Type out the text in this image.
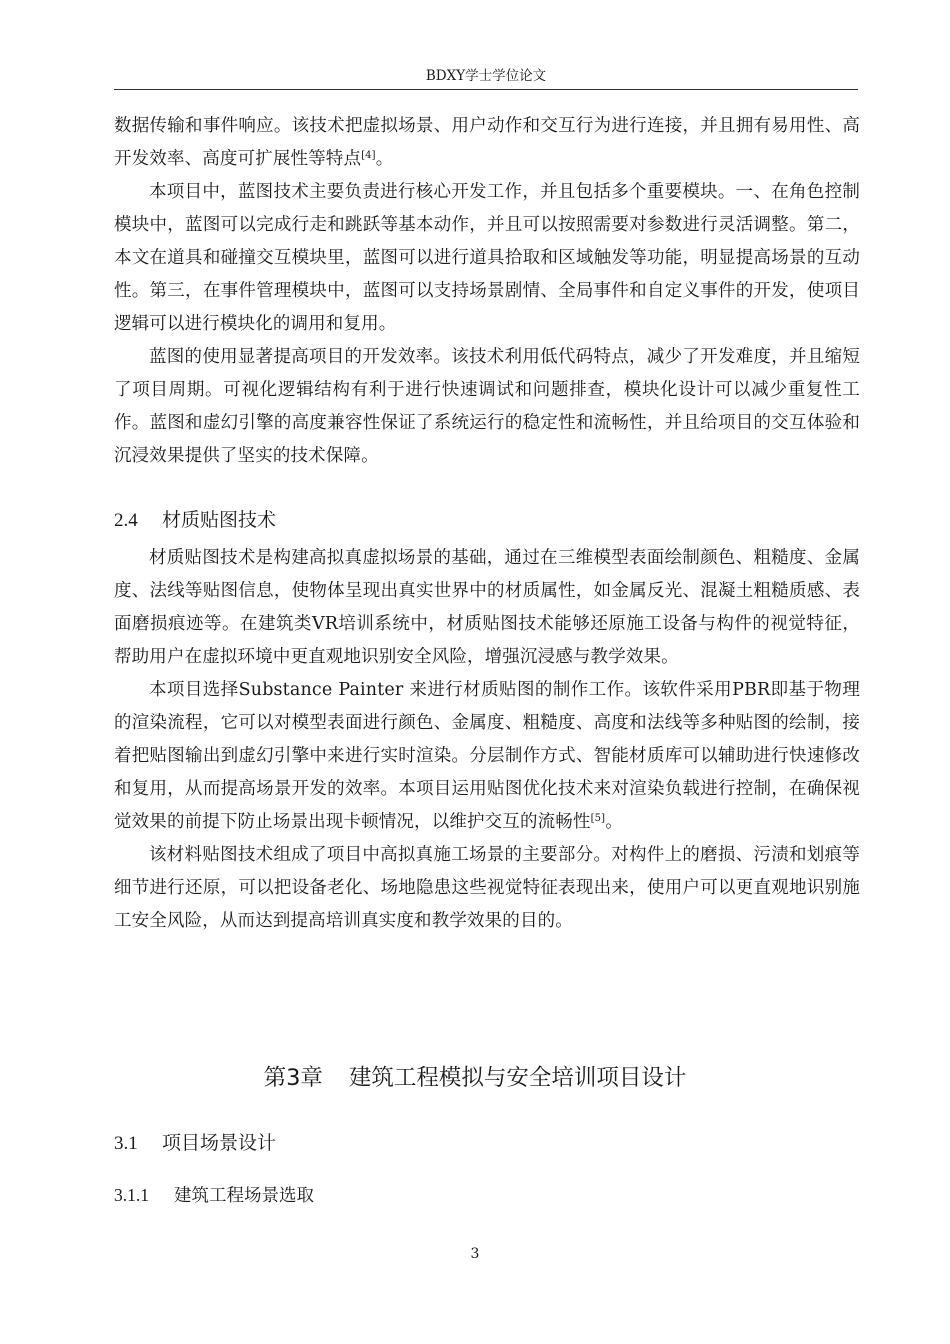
BDXY学士学位论文

数据传输和事件响应。该技术把虚拟场景、用户动作和交互行为进行连接，并且拥有易用性、高开发效率、高度可扩展性等特点[4]。

本项目中，蓝图技术主要负责进行核心开发工作，并且包括多个重要模块。一、在角色控制模块中，蓝图可以完成行走和跳跃等基本动作，并且可以按照需要对参数进行灵活调整。第二，本文在道具和碰撞交互模块里，蓝图可以进行道具拾取和区域触发等功能，明显提高场景的互动性。第三，在事件管理模块中，蓝图可以支持场景剧情、全局事件和自定义事件的开发，使项目逻辑可以进行模块化的调用和复用。

蓝图的使用显著提高项目的开发效率。该技术利用低代码特点，减少了开发难度，并且缩短了项目周期。可视化逻辑结构有利于进行快速调试和问题排查，模块化设计可以减少重复性工作。蓝图和虚幻引擎的高度兼容性保证了系统运行的稳定性和流畅性，并且给项目的交互体验和沉浸效果提供了坚实的技术保障。

2.4 材质贴图技术

材质贴图技术是构建高拟真虚拟场景的基础，通过在三维模型表面绘制颜色、粗糙度、金属度、法线等贴图信息，使物体呈现出真实世界中的材质属性，如金属反光、混凝土粗糙质感、表面磨损痕迹等。在建筑类VR培训系统中，材质贴图技术能够还原施工设备与构件的视觉特征，帮助用户在虚拟环境中更直观地识别安全风险，增强沉浸感与教学效果。

本项目选择Substance Painter 来进行材质贴图的制作工作。该软件采用PBR即基于物理的渲染流程，它可以对模型表面进行颜色、金属度、粗糙度、高度和法线等多种贴图的绘制，接着把贴图输出到虚幻引擎中来进行实时渲染。分层制作方式、智能材质库可以辅助进行快速修改和复用，从而提高场景开发的效率。本项目运用贴图优化技术来对渲染负载进行控制，在确保视觉效果的前提下防止场景出现卡顿情况，以维护交互的流畅性[5]。

该材料贴图技术组成了项目中高拟真施工场景的主要部分。对构件上的磨损、污渍和划痕等细节进行还原，可以把设备老化、场地隐患这些视觉特征表现出来，使用户可以更直观地识别施工安全风险，从而达到提高培训真实度和教学效果的目的。

第3章 建筑工程模拟与安全培训项目设计
3.1 项目场景设计
3.1.1 建筑工程场景选取
3
